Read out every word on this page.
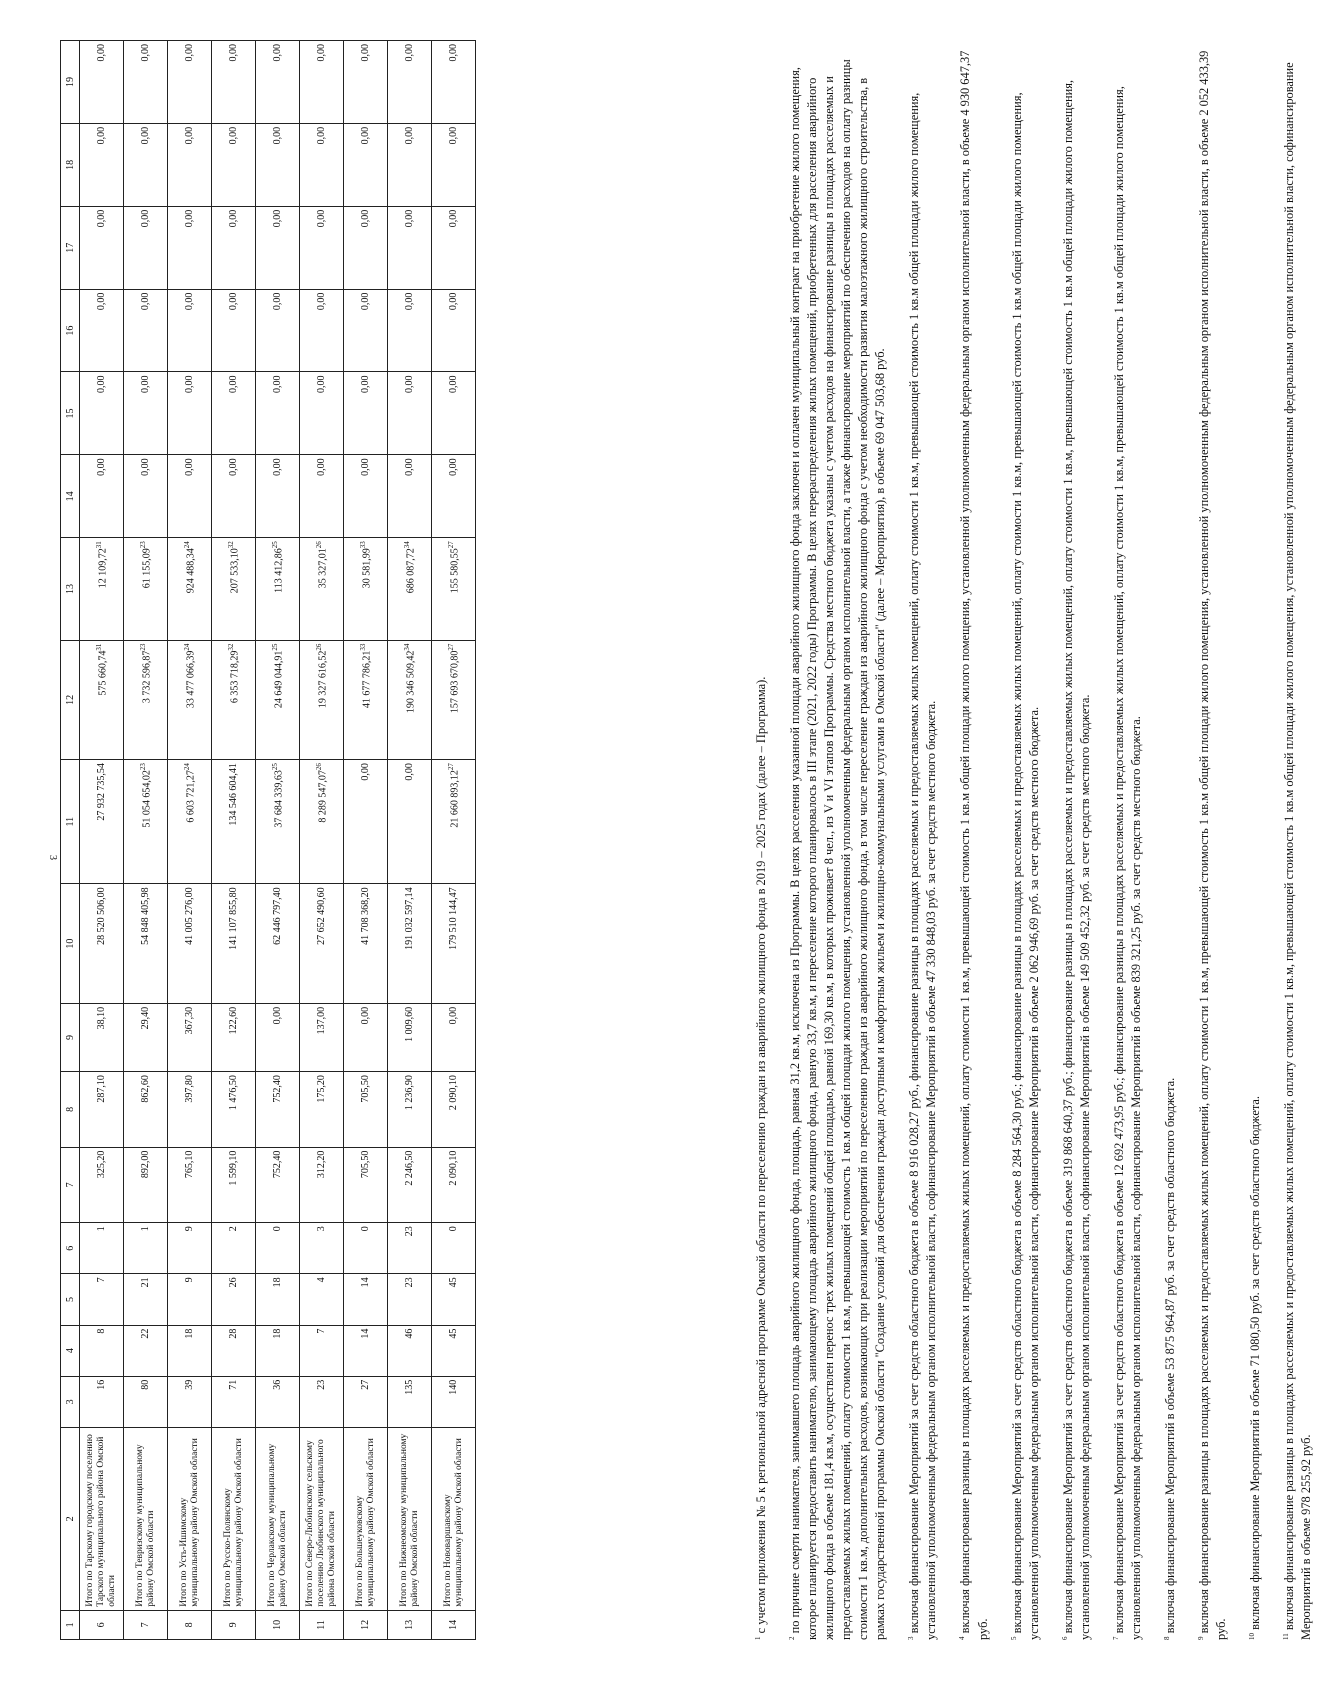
3
1	2	3	4	5	6	7	8	9	10	11	12	13	14	15	16	17	18	19
6	Итого по Тарскому городскому поселению Тарского муниципального района Омской области	16	8	7	1	325,20	287,10	38,10	28 520 506,00	27 932 735,54	575 660,74$^{31}$	12 109,72$^{31}$	0,00	0,00	0,00	0,00	0,00	0,00
7	Итого по Тевризскому муниципальному району Омской области	80	22	21	1	892,00	862,60	29,40	54 848 405,98	51 054 654,02$^{23}$	3 732 596,87$^{23}$	61 155,09$^{23}$	0,00	0,00	0,00	0,00	0,00	0,00
8	Итого по Усть-Ишимскому муниципальному району Омской области	39	18	9	9	765,10	397,80	367,30	41 005 276,00	6 603 721,27$^{24}$	33 477 066,39$^{24}$	924 488,34$^{24}$	0,00	0,00	0,00	0,00	0,00	0,00
9	Итого по Русско-Полянскому муниципальному району Омской области	71	28	26	2	1 599,10	1 476,50	122,60	141 107 855,80	134 546 604,41	6 353 718,29$^{32}$	207 533,10$^{32}$	0,00	0,00	0,00	0,00	0,00	0,00
10	Итого по Черлакскому муниципальному району Омской области	36	18	18	0	752,40	752,40	0,00	62 446 797,40	37 684 339,63$^{25}$	24 649 044,91$^{25}$	113 412,86$^{25}$	0,00	0,00	0,00	0,00	0,00	0,00
11	Итого по Северо-Любинскому сельскому поселению Любинского муниципального района Омской области	23	7	4	3	312,20	175,20	137,00	27 652 490,60	8 289 547,07$^{26}$	19 327 616,52$^{26}$	35 327,01$^{26}$	0,00	0,00	0,00	0,00	0,00	0,00
12	Итого по Большеуковскому муниципальному району Омской области	27	14	14	0	705,50	705,50	0,00	41 708 368,20	0,00	41 677 786,21$^{33}$	30 581,99$^{33}$	0,00	0,00	0,00	0,00	0,00	0,00
13	Итого по Нижнеомскому муниципальному району Омской области	135	46	23	23	2 246,50	1 236,90	1 009,60	191 032 597,14	0,00	190 346 509,42$^{34}$	686 087,72$^{34}$	0,00	0,00	0,00	0,00	0,00	0,00
14	Итого по Нововаршавскому муниципальному району Омской области	140	45	45	0	2 090,10	2 090,10	0,00	179 510 144,47	21 660 893,12$^{27}$	157 693 670,80$^{27}$	155 580,55$^{27}$	0,00	0,00	0,00	0,00	0,00	0,00

$^1$ с учетом приложения № 5 к региональной адресной программе Омской области по переселению граждан из аварийного жилищного фонда в 2019 – 2025 годах (далее – Программа).

$^2$ по причине смерти нанимателя, занимавшего площадь аварийного жилищного фонда, площадь, равная 31,2 кв.м, исключена из Программы. В целях расселения указанной площади аварийного жилищного фонда заключен и оплачен муниципальный контракт на приобретение жилого помещения, которое планируется предоставить нанимателю, занимающему площадь аварийного жилищного фонда, равную 33,7 кв.м, и переселение которого планировалось в III этапе (2021, 2022 годы) Программы. В целях перераспределения жилых помещений, приобретенных для расселения аварийного жилищного фонда в объеме 181,4 кв.м, осуществлен перенос трех жилых помещений общей площадью, равной 169,30 кв.м, в которых проживает 8 чел., из V и VI этапов Программы. Средства местного бюджета указаны с учетом расходов на финансирование разницы в площадях расселяемых и предоставляемых жилых помещений, оплату стоимости 1 кв.м, превышающей стоимость 1 кв.м общей площади жилого помещения, установленной уполномоченным федеральным органом исполнительной власти, а также финансирование мероприятий по обеспечению расходов на оплату разницы стоимости 1 кв.м, дополнительных расходов, возникающих при реализации мероприятий по переселению граждан из аварийного жилищного фонда, в том числе переселение граждан из аварийного жилищного фонда с учетом необходимости развития малоэтажного жилищного строительства, в рамках государственной программы Омской области "Создание условий для обеспечения граждан доступным и комфортным жильем и жилищно-коммунальными услугами в Омской области" (далее – Мероприятия), в объеме 69 047 503,68 руб.	$^3$ включая финансирование Мероприятий за счет средств областного бюджета в объеме 8 916 028,27 руб., финансирование разницы в площадях расселяемых и предоставляемых жилых помещений, оплату стоимости 1 кв.м, превышающей стоимость 1 кв.м общей площади жилого помещения, установленной уполномоченным федеральным органом исполнительной власти, софинансирование Мероприятий в объеме 47 330 848,03 руб. за счет средств местного бюджета.	$^4$ включая финансирование разницы в площадях расселяемых и предоставляемых жилых помещений, оплату стоимости 1 кв.м, превышающей стоимость 1 кв.м общей площади жилого помещения, установленной уполномоченным федеральным органом исполнительной власти, в объеме 4 930 647,37 руб.	$^5$ включая финансирование Мероприятий за счет средств областного бюджета в объеме 8 284 564,30 руб.; финансирование разницы в площадях расселяемых и предоставляемых жилых помещений, оплату стоимости 1 кв.м, превышающей стоимость 1 кв.м общей площади жилого помещения, установленной уполномоченным федеральным органом исполнительной власти, софинансирование Мероприятий в объеме 2 062 946,69 руб. за счет средств местного бюджета.	$^6$ включая финансирование Мероприятий за счет средств областного бюджета в объеме 319 868 640,37 руб.; финансирование разницы в площадях расселяемых и предоставляемых жилых помещений, оплату стоимости 1 кв.м, превышающей стоимость 1 кв.м общей площади жилого помещения, установленной уполномоченным федеральным органом исполнительной власти, софинансирование Мероприятий в объеме 149 509 452,32 руб. за счет средств местного бюджета.	$^7$ включая финансирование Мероприятий за счет средств областного бюджета в объеме 12 692 473,95 руб.; финансирование разницы в площадях расселяемых и предоставляемых жилых помещений, оплату стоимости 1 кв.м, превышающей стоимость 1 кв.м общей площади жилого помещения, установленной уполномоченным федеральным органом исполнительной власти, софинансирование Мероприятий в объеме 839 321,25 руб. за счет средств местного бюджета.	$^8$ включая финансирование Мероприятий в объеме 53 875 964,87 руб. за счет средств областного бюджета.

$^9$ включая финансирование разницы в площадях расселяемых и предоставляемых жилых помещений, оплату стоимости 1 кв.м, превышающей стоимость 1 кв.м общей площади жилого помещения, установленной уполномоченным федеральным органом исполнительной власти, в объеме 2 052 433,39 руб.	$^{10}$ включая финансирование Мероприятий в объеме 71 080,50 руб. за счет средств областного бюджета.

$^{11}$ включая финансирование разницы в площадях расселяемых и предоставляемых жилых помещений, оплату стоимости 1 кв.м, превышающей стоимость 1 кв.м общей площади жилого помещения, установленной уполномоченным федеральным органом исполнительной власти, софинансирование Мероприятий в объеме 978 255,92 руб.
